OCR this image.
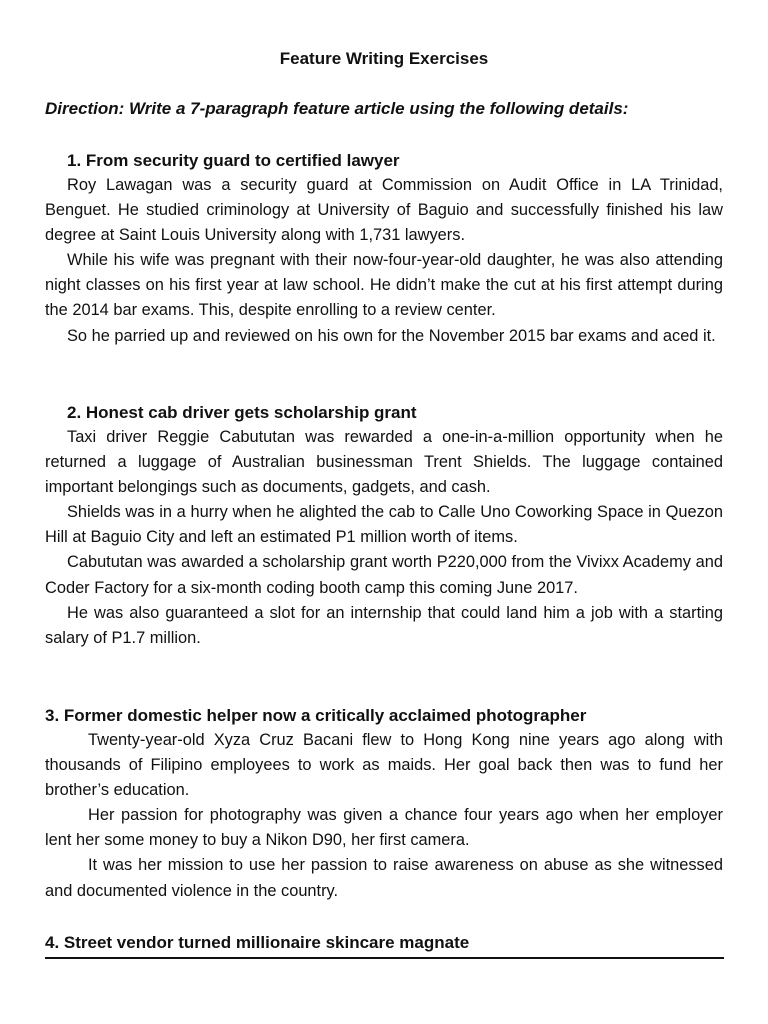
Feature Writing Exercises

Direction: Write a 7-paragraph feature article using the following details:

1. From security guard to certified lawyer

Roy Lawagan was a security guard at Commission on Audit Office in LA Trinidad, Benguet. He studied criminology at University of Baguio and successfully finished his law degree at Saint Louis University along with 1,731 lawyers.

While his wife was pregnant with their now-four-year-old daughter, he was also attending night classes on his first year at law school. He didn’t make the cut at his first attempt during the 2014 bar exams. This, despite enrolling to a review center.

So he parried up and reviewed on his own for the November 2015 bar exams and aced it.

2. Honest cab driver gets scholarship grant

Taxi driver Reggie Cabututan was rewarded a one-in-a-million opportunity when he returned a luggage of Australian businessman Trent Shields. The luggage contained important belongings such as documents, gadgets, and cash.

Shields was in a hurry when he alighted the cab to Calle Uno Coworking Space in Quezon Hill at Baguio City and left an estimated P1 million worth of items.

Cabututan was awarded a scholarship grant worth P220,000 from the Vivixx Academy and Coder Factory for a six-month coding booth camp this coming June 2017.

He was also guaranteed a slot for an internship that could land him a job with a starting salary of P1.7 million.

3. Former domestic helper now a critically acclaimed photographer

Twenty-year-old Xyza Cruz Bacani flew to Hong Kong nine years ago along with thousands of Filipino employees to work as maids. Her goal back then was to fund her brother’s education.

Her passion for photography was given a chance four years ago when her employer lent her some money to buy a Nikon D90, her first camera.

It was her mission to use her passion to raise awareness on abuse as she witnessed and documented violence in the country.

4. Street vendor turned millionaire skincare magnate
